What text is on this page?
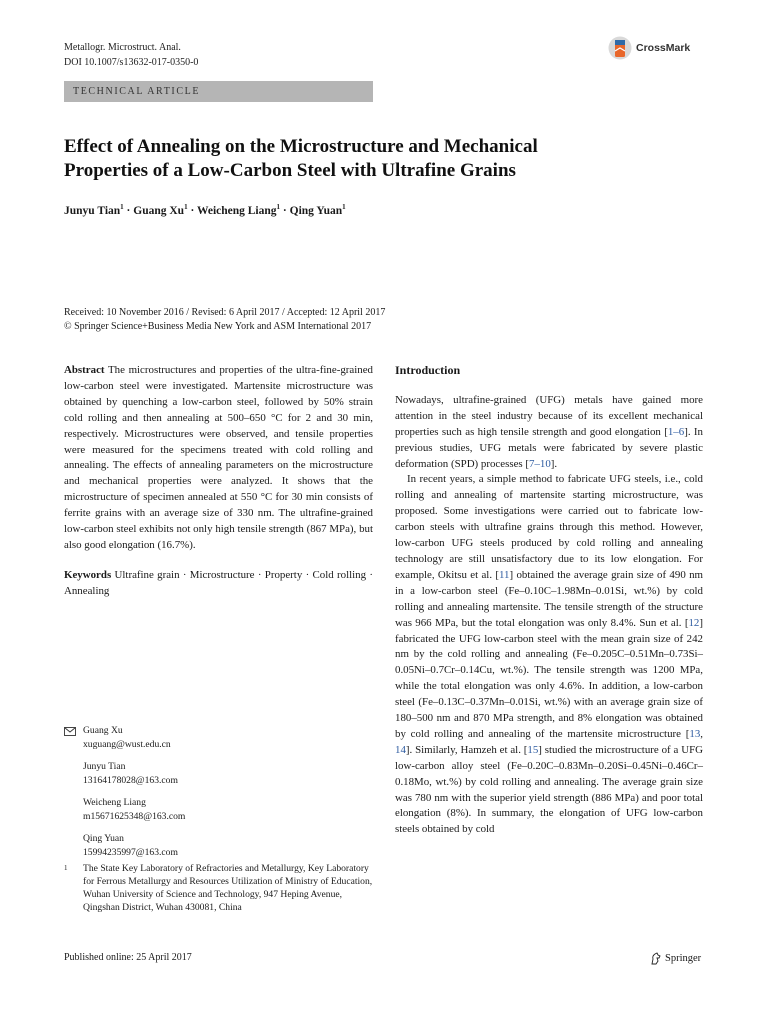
Metallogr. Microstruct. Anal.
DOI 10.1007/s13632-017-0350-0
CrossMark
TECHNICAL ARTICLE
Effect of Annealing on the Microstructure and Mechanical
Properties of a Low-Carbon Steel with Ultrafine Grains
Junyu Tian$^1$ · Guang $Xu^1$ · Weicheng Liang$^1$ · Qing Yuan$^1$
Received: 10 November 2016 / Revised: 6 April 2017 / Accepted: 12 April 2017
© Springer Science+Business Media New York and ASM International 2017

Abstract The microstructures and properties of the ultra-fine-grained low-carbon steel were investigated. Martensite microstructure was obtained by quenching a low-carbon steel, followed by 50% strain cold rolling and then annealing at 500–650 °C for 2 and 30 min, respectively. Microstructures were observed, and tensile properties were measured for the specimens treated with cold rolling and annealing. The effects of annealing parameters on the microstructure and mechanical properties were analyzed. It shows that the microstructure of specimen annealed at 550 °C for 30 min consists of ferrite grains with an average size of 330 nm. The ultrafine-grained low-carbon steel exhibits not only high tensile strength (867 MPa), but also good elongation (16.7%).

Keywords Ultrafine grain · Microstructure · Property · Cold rolling · Annealing

Guang Xu
xuguang@wust.edu.cn
Junyu Tian
13164178028@163.com
Weicheng Liang
m15671625348@163.com
Qing Yuan
15994235997@163.com
1	The State Key Laboratory of Refractories and Metallurgy, Key Laboratory for Ferrous Metallurgy and Resources Utilization of Ministry of Education, Wuhan University of Science and Technology, 947 Heping Avenue, Qingshan District, Wuhan 430081, China
Introduction

Nowadays, ultrafine-grained (UFG) metals have gained more attention in the steel industry because of its excellent mechanical properties such as high tensile strength and good elongation [1–6]. In previous studies, UFG metals were fabricated by severe plastic deformation (SPD) processes [7–10].

In recent years, a simple method to fabricate UFG steels, i.e., cold rolling and annealing of martensite starting microstructure, was proposed. Some investigations were carried out to fabricate low-carbon steels with ultrafine grains through this method. However, low-carbon UFG steels produced by cold rolling and annealing technology are still unsatisfactory due to its low elongation. For example, Okitsu et al. [11] obtained the average grain size of 490 nm in a low-carbon steel (Fe–0.10C–1.98Mn–0.01Si, wt.%) by cold rolling and annealing martensite. The tensile strength of the structure was 966 MPa, but the total elongation was only 8.4%. Sun et al. [12] fabricated the UFG low-carbon steel with the mean grain size of 242 nm by the cold rolling and annealing (Fe–0.205C–0.51Mn–0.73Si–0.05Ni–0.7Cr–0.14Cu, wt.%). The tensile strength was 1200 MPa, while the total elongation was only 4.6%. In addition, a low-carbon steel (Fe–0.13C–0.37Mn–0.01Si, wt.%) with an average grain size of 180–500 nm and 870 MPa strength, and 8% elongation was obtained by cold rolling and annealing of the martensite microstructure [13, 14]. Similarly, Hamzeh et al. [15] studied the microstructure of a UFG low-carbon alloy steel (Fe–0.20C–0.83Mn–0.20Si–0.45Ni–0.46Cr–0.18Mo, wt.%) by cold rolling and annealing. The average grain size was 780 nm with the superior yield strength (886 MPa) and poor total elongation (8%). In summary, the elongation of UFG low-carbon steels obtained by cold

Published online: 25 April 2017	Springer
